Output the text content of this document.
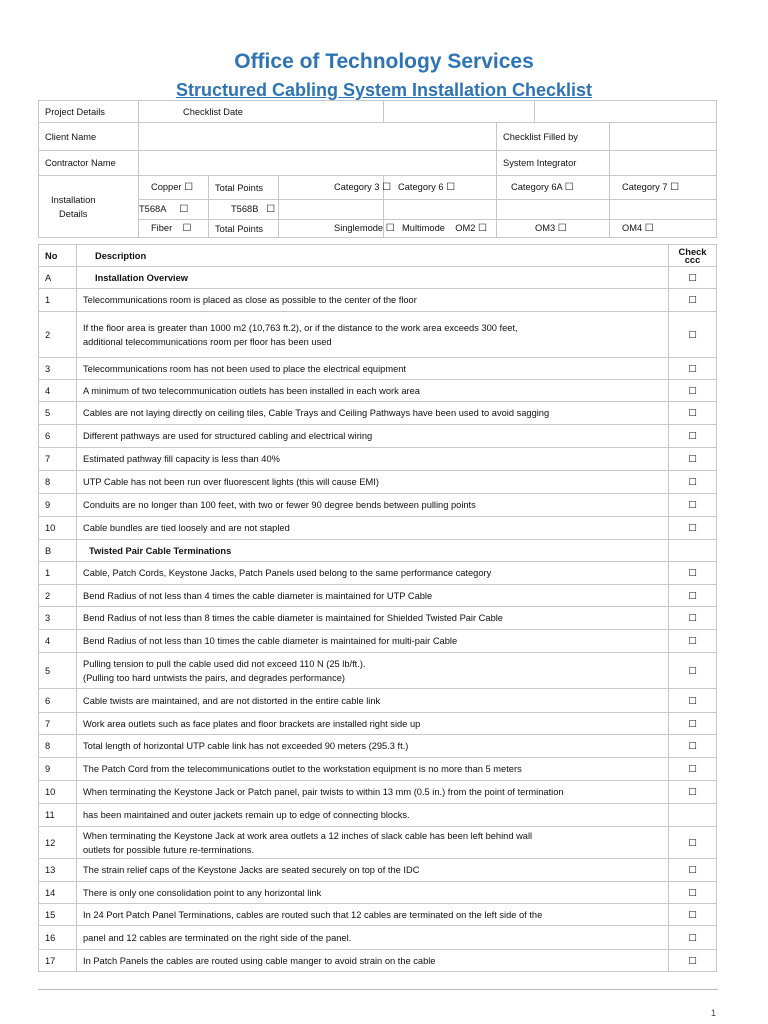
Office of Technology Services
Structured Cabling System Installation Checklist
Project Details	Checklist Date						
Client Name					Checklist Filled by		
Contractor Name					System Integrator		

Installation
Details	Copper ☐	Total Points	Category 3 ☐	Category 6 ☐	Category 6A ☐		Category 7 ☐
	T568A ☐	T568B ☐					
	Fiber ☐	Total Points	Singlemode ☐	Multimode OM2 ☐	OM3 ☐		OM4 ☐
No	Description	Check
ccc

A	Installation Overview	☐
1	Telecommunications room is placed as close as possible to the center of the floor	☐
2	If the floor area is greater than 1000 m2 (10,763 ft.2), or if the distance to the work area exceeds 300 feet,
additional telecommunications room per floor has been used	☐
3	Telecommunications room has not been used to place the electrical equipment	☐
4	A minimum of two telecommunication outlets has been installed in each work area	☐
5	Cables are not laying directly on ceiling tiles, Cable Trays and Ceiling Pathways have been used to avoid sagging	☐
6	Different pathways are used for structured cabling and electrical wiring	☐
7	Estimated pathway fill capacity is less than 40%	☐
8	UTP Cable has not been run over fluorescent lights (this will cause EMI)	☐
9	Conduits are no longer than 100 feet, with two or fewer 90 degree bends between pulling points	☐
10	Cable bundles are tied loosely and are not stapled	☐
B	Twisted Pair Cable Terminations	
1	Cable, Patch Cords, Keystone Jacks, Patch Panels used belong to the same performance category	☐
2	Bend Radius of not less than 4 times the cable diameter is maintained for UTP Cable	☐
3	Bend Radius of not less than 8 times the cable diameter is maintained for Shielded Twisted Pair Cable	☐
4	Bend Radius of not less than 10 times the cable diameter is maintained for multi-pair Cable	☐
5	Pulling tension to pull the cable used did not exceed 110 N (25 lb/ft.).
(Pulling too hard untwists the pairs, and degrades performance)	☐
6	Cable twists are maintained, and are not distorted in the entire cable link	☐
7	Work area outlets such as face plates and floor brackets are installed right side up	☐
8	Total length of horizontal UTP cable link has not exceeded 90 meters (295.3 ft.)	☐
9	The Patch Cord from the telecommunications outlet to the workstation equipment is no more than 5 meters	☐
10	When terminating the Keystone Jack or Patch panel, pair twists to within 13 mm (0.5 in.) from the point of termination	☐
11	has been maintained and outer jackets remain up to edge of connecting blocks.	

12	When terminating the Keystone Jack at work area outlets a 12 inches of slack cable has been left behind wall
outlets for possible future re-terminations.	☐
13	The strain relief caps of the Keystone Jacks are seated securely on top of the IDC	☐
14	There is only one consolidation point to any horizontal link	☐
15	In 24 Port Patch Panel Terminations, cables are routed such that 12 cables are terminated on the left side of the	☐
16	panel and 12 cables are terminated on the right side of the panel.	☐
17	In Patch Panels the cables are routed using cable manger to avoid strain on the cable	☐
1
